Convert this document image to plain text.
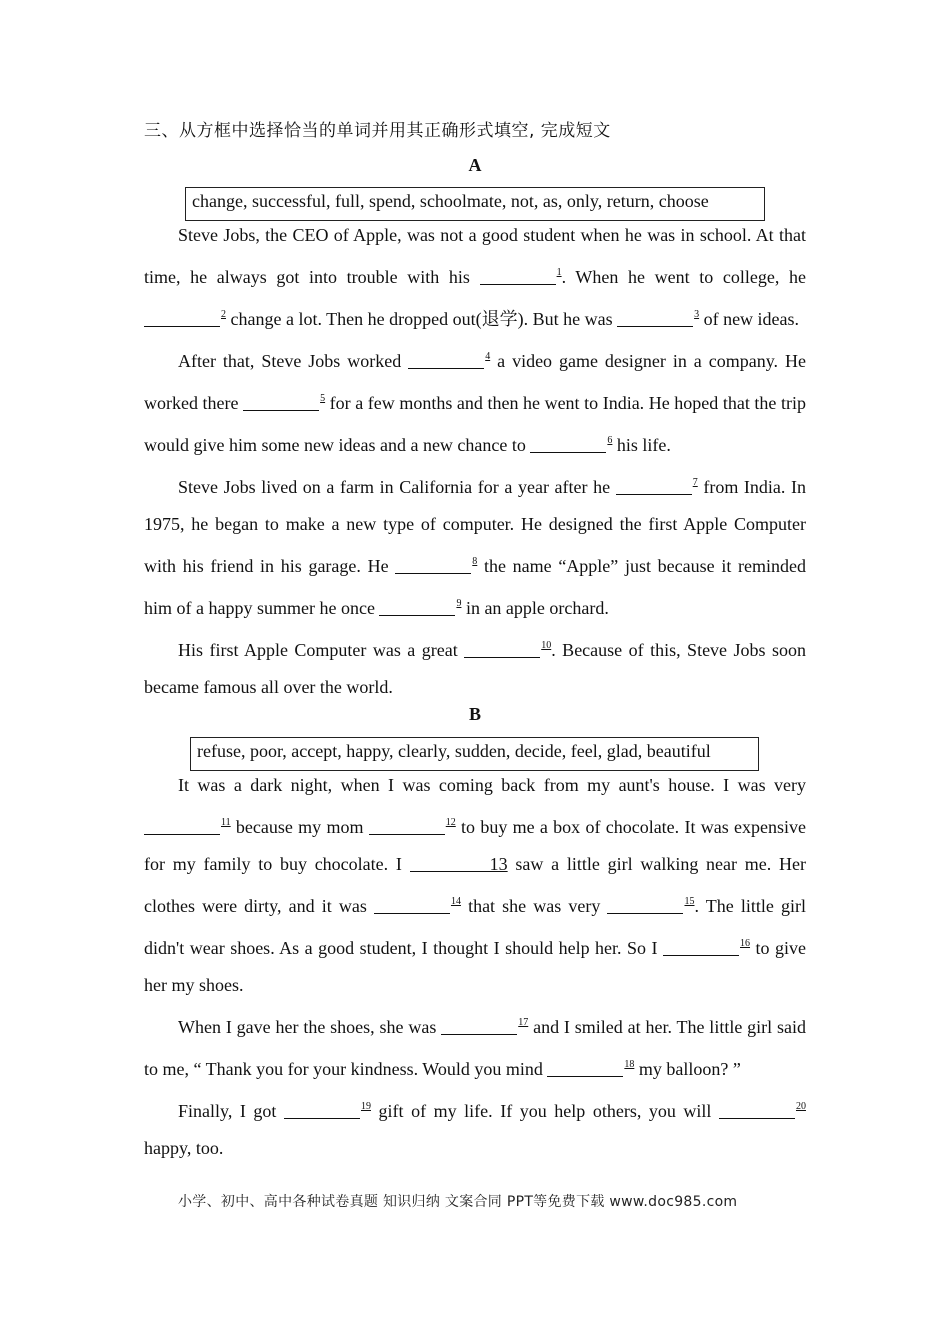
三、从方框中选择恰当的单词并用其正确形式填空, 完成短文
A
change, successful, full, spend, schoolmate, not, as, only, return, choose

Steve Jobs, the CEO of Apple, was not a good student when he was in school. At that time, he always got into trouble with his	$^1$. When he went to college, he $^2$ change a lot. Then he dropped out(退学). But he was	$^3$ of new ideas.

After that, Steve Jobs worked	$^4$ a video game designer in a company. He worked there	$^5$ for a few months and then he went to India. He hoped that the trip would give him some new ideas and a new chance to	$^6$ his life.

Steve Jobs lived on a farm in California for a year after he	$^7$ from India. In 1975, he began to make a new type of computer. He designed the first Apple Computer with his friend in his garage. He	$^8$ the name “Apple” just because it reminded him of a happy summer he once	$^9$ in an apple orchard.

His first Apple Computer was a great	$^{10}$. Because of this, Steve Jobs soon became famous all over the world.

B
refuse, poor, accept, happy, clearly, sudden, decide, feel, glad, beautiful

It was a dark night, when I was coming back from my aunt's house. I was very $^{11}$ because my mom	$^{12}$ to buy me a box of chocolate. It was expensive for my family to buy chocolate. I	13 saw a little girl walking near me. Her clothes were dirty, and it was	$^{14}$ that she was very	$^{15}$. The little girl didn't wear shoes. As a good student, I thought I should help her. So I	$^{16}$ to give her my shoes.

When I gave her the shoes, she was	$^{17}$ and I smiled at her. The little girl said to me, “ Thank you for your kindness. Would you mind	$^{18}$ my balloon? ”

Finally, I got	$^{19}$ gift of my life. If you help others, you will	$^{20}$ happy, too.

小学、初中、高中各种试卷真题 知识归纳 文案合同 PPT等免费下载 www.doc985.com
